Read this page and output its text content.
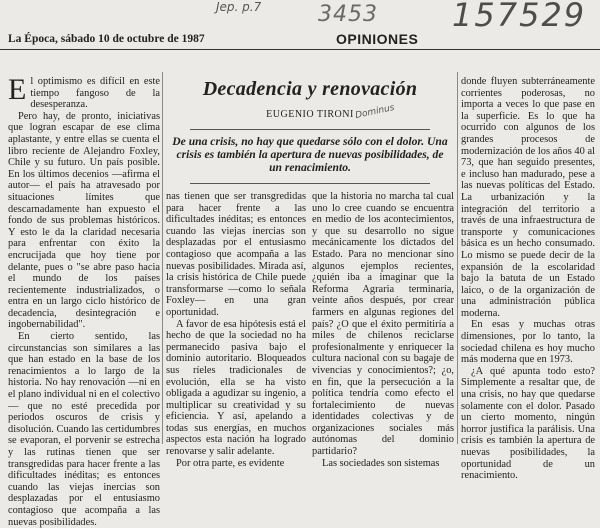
Jep. p.7	3453 157529
La Época, sábado 10 de octubre de 1987	OPINIONES
Decadencia y renovación
EUGENIO TIRONI Dominus
De una crisis, no hay que quedarse sólo con el dolor. Una crisis es también la apertura de nuevas posibilidades, de un renacimiento.
E l optimismo es difícil en este tiempo fangoso de la desesperanza.

Pero hay, de pronto, iniciativas que logran escapar de ese clima aplastante, y entre ellas se cuenta el libro reciente de Alejandro Foxley, Chile y su futuro. Un país posible. En los últimos decenios —afirma el autor— el país ha atravesado por situaciones límites que descarnadamente han expuesto el fondo de sus problemas históricos. Y esto le da la claridad necesaria para enfrentar con éxito la encrucijada que hoy tiene por delante, pues o "se abre paso hacia el mundo de los países recientemente industrializados, o entra en un largo ciclo histórico de decadencia, desintegración e ingobernabilidad".

En cierto sentido, las circunstancias son similares a las que han estado en la base de los renacimientos a lo largo de la historia. No hay renovación —ni en el plano individual ni en el colectivo— que no esté precedida por periodos oscuros de crisis y disolución. Cuando las certidumbres se evaporan, el porvenir se estrecha y las rutinas tienen que ser transgredidas para hacer frente a las dificultades inéditas; es entonces cuando las viejas inercias son desplazadas por el entusiasmo contagioso que acompaña a las nuevas posibilidades.

nas tienen que ser transgredidas para hacer frente a las dificultades inéditas; es entonces cuando las viejas inercias son desplazadas por el entusiasmo contagioso que acompaña a las nuevas posibilidades. Mirada así, la crisis histórica de Chile puede transformarse —como lo señala Foxley— en una gran oportunidad.

A favor de esa hipótesis está el hecho de que la sociedad no ha permanecido pasiva bajo el dominio autoritario. Bloqueados sus ríeles tradicionales de evolución, ella se ha visto obligada a agudizar su ingenio, a multiplicar su creatividad y su eficiencia. Y así, apelando a todas sus energías, en muchos aspectos esta nación ha logrado renovarse y salir adelante.

Por otra parte, es evidente

que la historia no marcha tal cual uno lo cree cuando se encuentra en medio de los acontecimientos, y que su desarrollo no sigue mecánicamente los dictados del Estado. Para no mencionar sino algunos ejemplos recientes, ¿quién iba a imaginar que la Reforma Agraria terminaría, veinte años después, por crear farmers en algunas regiones del país? ¿O que el éxito permitiría a miles de chilenos reciclarse profesionalmente y enriquecer la cultura nacional con su bagaje de vivencias y conocimientos?; ¿o, en fin, que la persecución a la política tendría como efecto el fortalecimiento de nuevas identidades colectivas y de organizaciones sociales más autónomas del dominio partidario?

Las sociedades son sistemas

donde fluyen subterráneamente corrientes poderosas, no importa a veces lo que pase en la superficie. Es lo que ha ocurrido con algunos de los grandes procesos de modernización de los años 40 al 73, que han seguido presentes, e incluso han madurado, pese a las nuevas políticas del Estado. La urbanización y la integración del territorio a través de una infraestructura de transporte y comunicaciones básica es un hecho consumado. Lo mismo se puede decir de la expansión de la escolaridad bajo la batuta de un Estado laico, o de la organización de una administración pública moderna.

En esas y muchas otras dimensiones, por lo tanto, la sociedad chilena es hoy mucho más moderna que en 1973.

¿A qué apunta todo esto? Simplemente a resaltar que, de una crisis, no hay que quedarse solamente con el dolor. Pasado un cierto momento, ningún horror justifica la parálisis. Una crisis es también la apertura de nuevas posibilidades, la oportunidad de un renacimiento.
